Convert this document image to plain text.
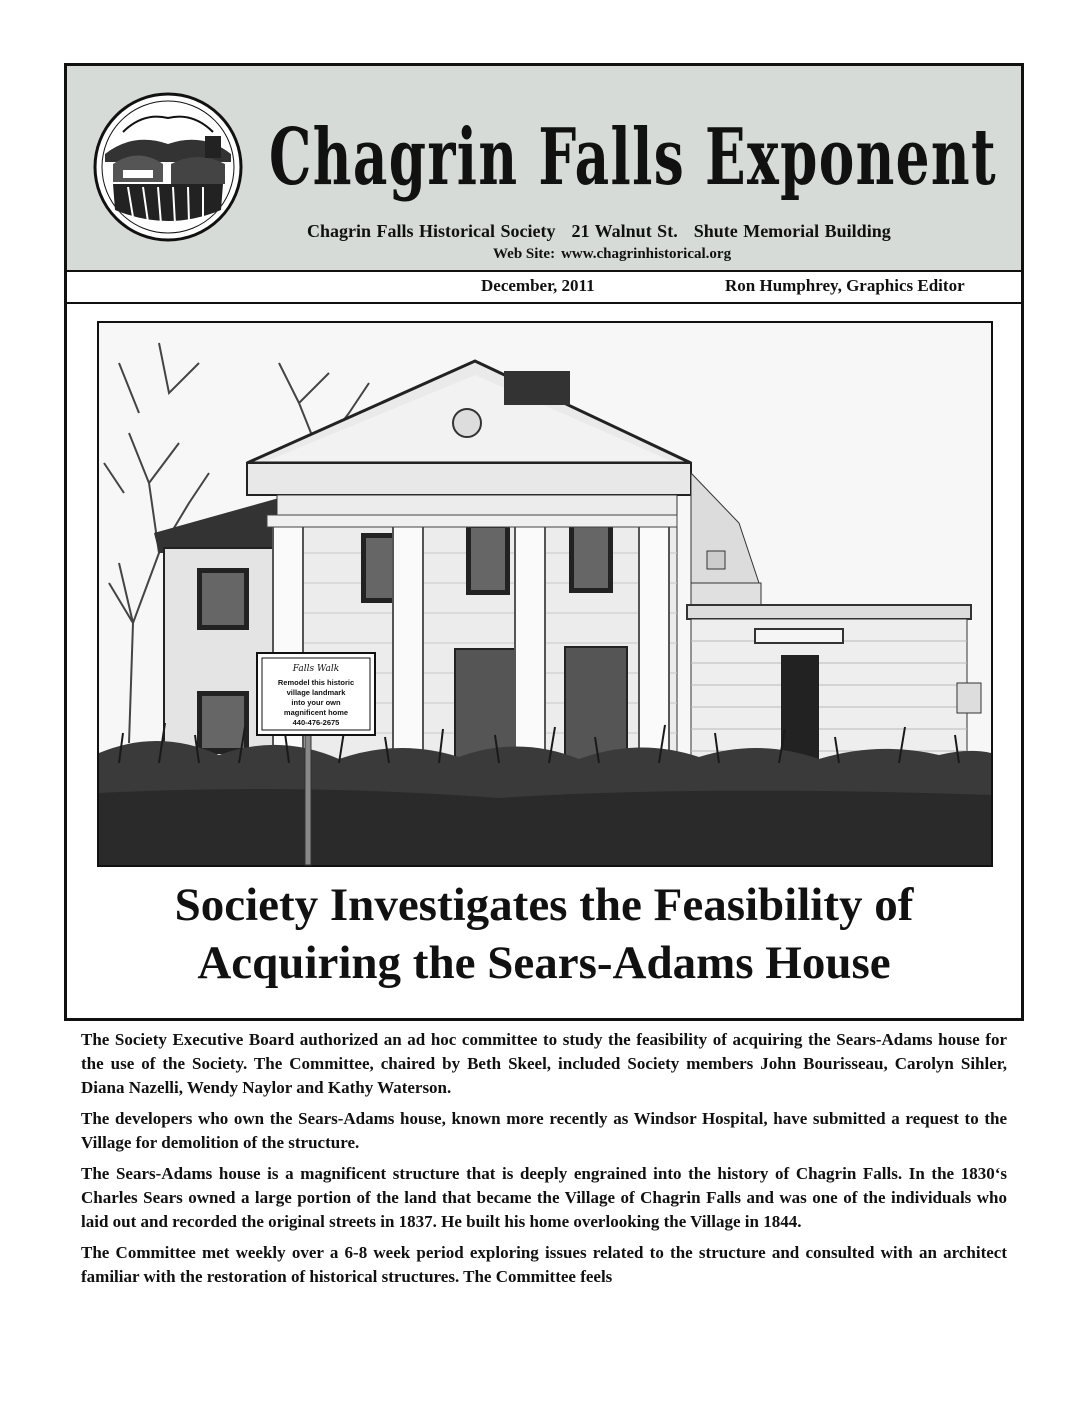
Chagrin Falls Exponent
Chagrin Falls Historical Society 21 Walnut St. Shute Memorial Building
Web Site: www.chagrinhistorical.org
December, 2011	Ron Humphrey, Graphics Editor
Falls Walk
Remodel this historic
village landmark
into your own
magnificent home
440-476-2675
Society Investigates the Feasibility of
Acquiring the Sears-Adams House

The Society Executive Board authorized an ad hoc committee to study the feasibility of acquiring the Sears-Adams house for the use of the Society. The Committee, chaired by Beth Skeel, included Society members John Bourisseau, Carolyn Sihler, Diana Nazelli, Wendy Naylor and Kathy Waterson.

The developers who own the Sears-Adams house, known more recently as Windsor Hospital, have submitted a request to the Village for demolition of the structure.

The Sears-Adams house is a magnificent structure that is deeply engrained into the history of Chagrin Falls. In the 1830‘s Charles Sears owned a large portion of the land that became the Village of Chagrin Falls and was one of the individuals who laid out and recorded the original streets in 1837. He built his home overlooking the Village in 1844.

The Committee met weekly over a 6-8 week period exploring issues related to the structure and consulted with an architect familiar with the restoration of historical structures. The Committee feels
